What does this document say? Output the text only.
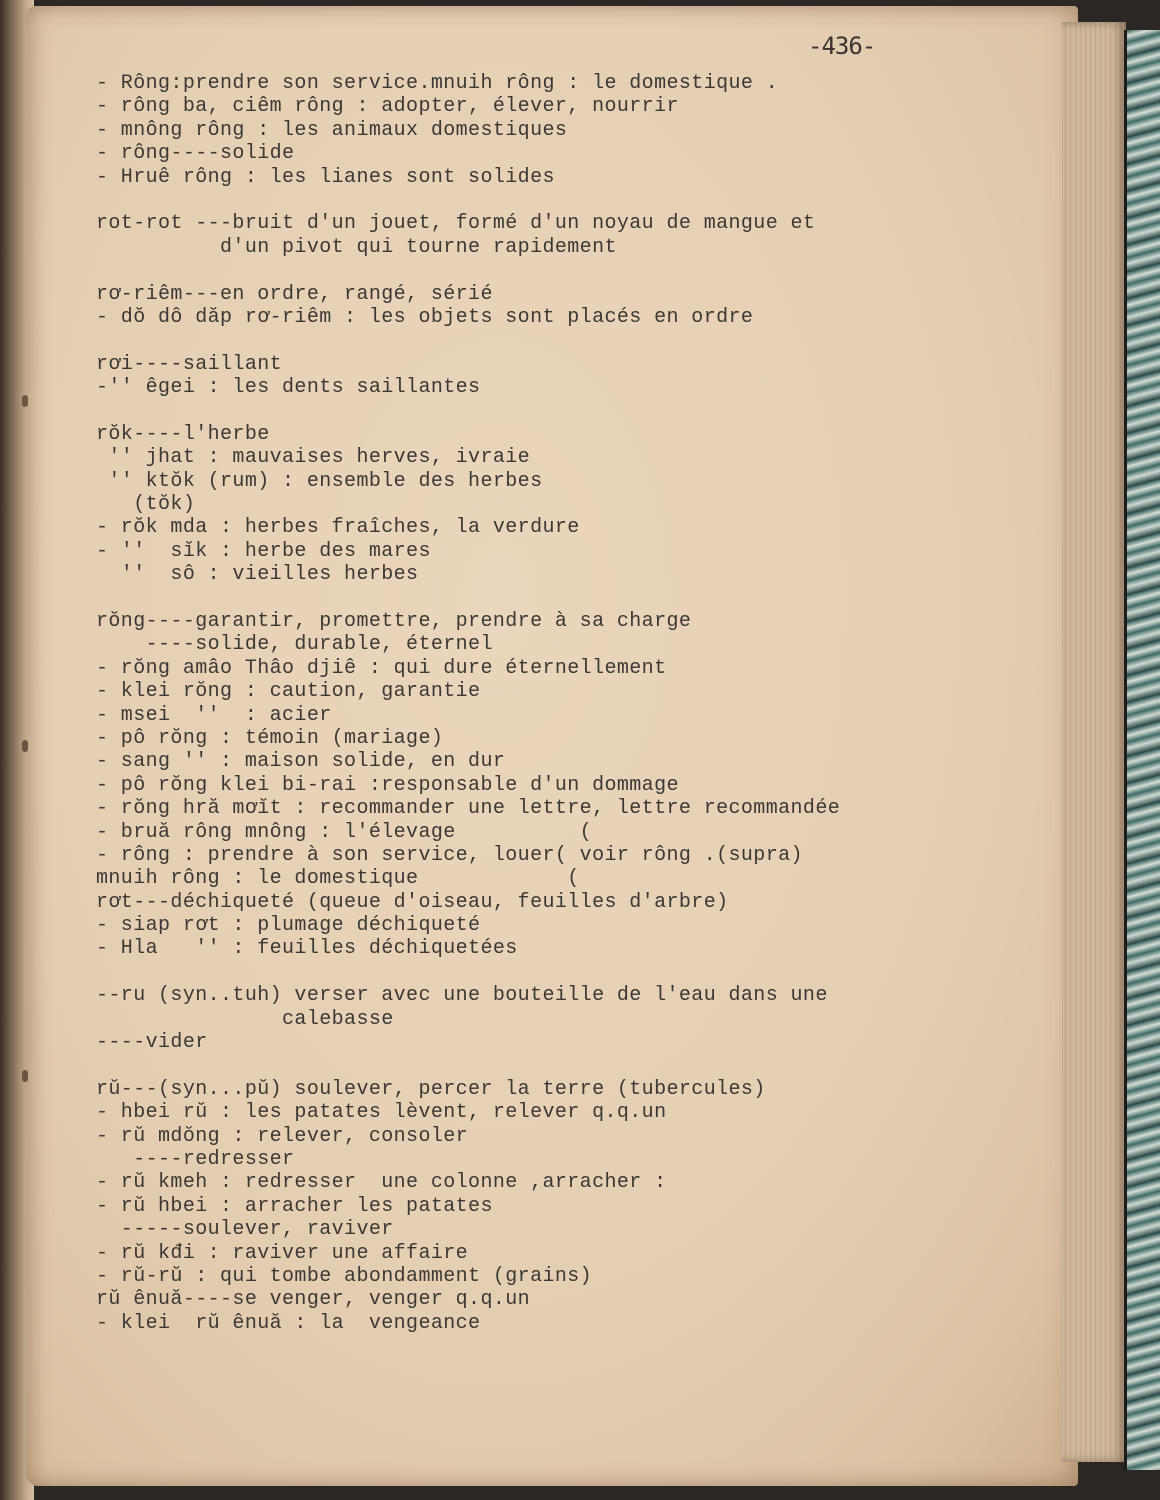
-436-
- Rông:prendre son service.mnuih rông : le domestique .
- rông ba, ciêm rông : adopter, élever, nourrir
- mnông rông : les animaux domestiques
- rông----solide
- Hruê rông : les lianes sont solides
rot-rot ---bruit d'un jouet, formé d'un noyau de mangue et
d'un pivot qui tourne rapidement
rơ-riêm---en ordre, rangé, sérié
- dŏ dô dăp rơ-riêm : les objets sont placés en ordre
rơi----saillant
-'' êgei : les dents saillantes
rŏk----l'herbe
'' jhat : mauvaises herves, ivraie
'' ktŏk (rum) : ensemble des herbes
(tŏk)
- rŏk mda : herbes fraîches, la verdure
- ''  sĭk : herbe des mares
''  sô : vieilles herbes
rŏng----garantir, promettre, prendre à sa charge
----solide, durable, éternel
- rŏng amâo Thâo djiê : qui dure éternellement
- klei rŏng : caution, garantie
- msei  ''  : acier
- pô rŏng : témoin (mariage)
- sang '' : maison solide, en dur
- pô rŏng klei bi-rai :responsable d'un dommage
- rŏng hră mơĭt : recommander une lettre, lettre recommandée
- bruă rông mnông : l'élevage          (
- rông : prendre à son service, louer( voir rông .(supra)
mnuih rông : le domestique            (
rơt---déchiqueté (queue d'oiseau, feuilles d'arbre)
- siap rơt : plumage déchiqueté
- Hla   '' : feuilles déchiquetées
--ru (syn..tuh) verser avec une bouteille de l'eau dans une
calebasse
----vider
rŭ---(syn...pŭ) soulever, percer la terre (tubercules)
- hbei rŭ : les patates lèvent, relever q.q.un
- rŭ mdŏng : relever, consoler
----redresser
- rŭ kmeh : redresser  une colonne ,arracher :
- rŭ hbei : arracher les patates
-----soulever, raviver
- rŭ kđi : raviver une affaire
- rŭ-rŭ : qui tombe abondamment (grains)
rŭ ênuă----se venger, venger q.q.un
- klei  rŭ ênuă : la  vengeance
